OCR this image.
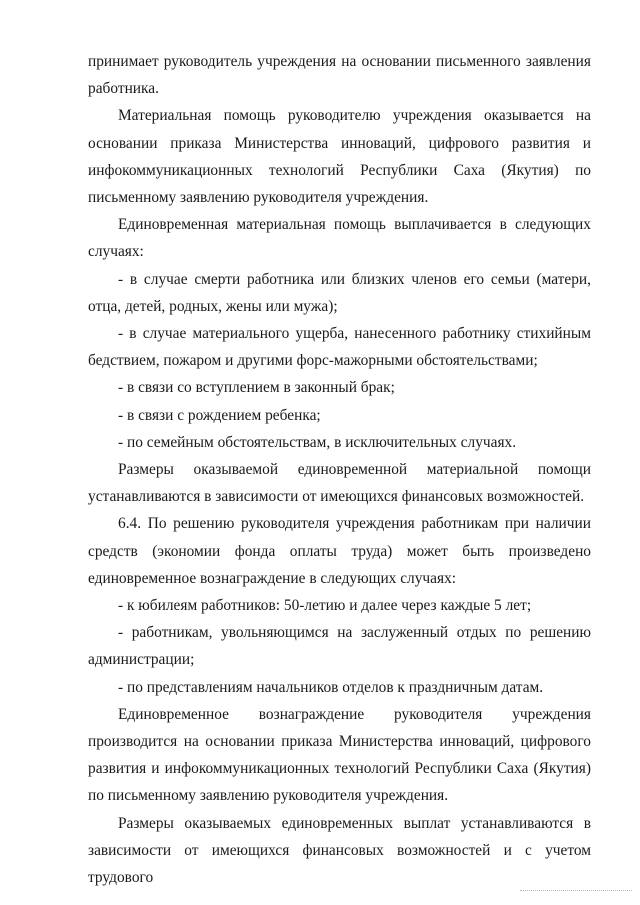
принимает руководитель учреждения на основании письменного заявления работника.

Материальная помощь руководителю учреждения оказывается на основании приказа Министерства инноваций, цифрового развития и инфокоммуникационных технологий Республики Саха (Якутия) по письменному заявлению руководителя учреждения.

Единовременная материальная помощь выплачивается в следующих случаях:

- в случае смерти работника или близких членов его семьи (матери, отца, детей, родных, жены или мужа);

- в случае материального ущерба, нанесенного работнику стихийным бедствием, пожаром и другими форс-мажорными обстоятельствами;

- в связи со вступлением в законный брак;

- в связи с рождением ребенка;

- по семейным обстоятельствам, в исключительных случаях.

Размеры оказываемой единовременной материальной помощи устанавливаются в зависимости от имеющихся финансовых возможностей.

6.4. По решению руководителя учреждения работникам при наличии средств (экономии фонда оплаты труда) может быть произведено единовременное вознаграждение в следующих случаях:

- к юбилеям работников: 50-летию и далее через каждые 5 лет;

- работникам, увольняющимся на заслуженный отдых по решению администрации;

- по представлениям начальников отделов к праздничным датам.

Единовременное вознаграждение руководителя учреждения производится на основании приказа Министерства инноваций, цифрового развития и инфокоммуникационных технологий Республики Саха (Якутия) по письменному заявлению руководителя учреждения.

Размеры оказываемых единовременных выплат устанавливаются в зависимости от имеющихся финансовых возможностей и с учетом трудового
